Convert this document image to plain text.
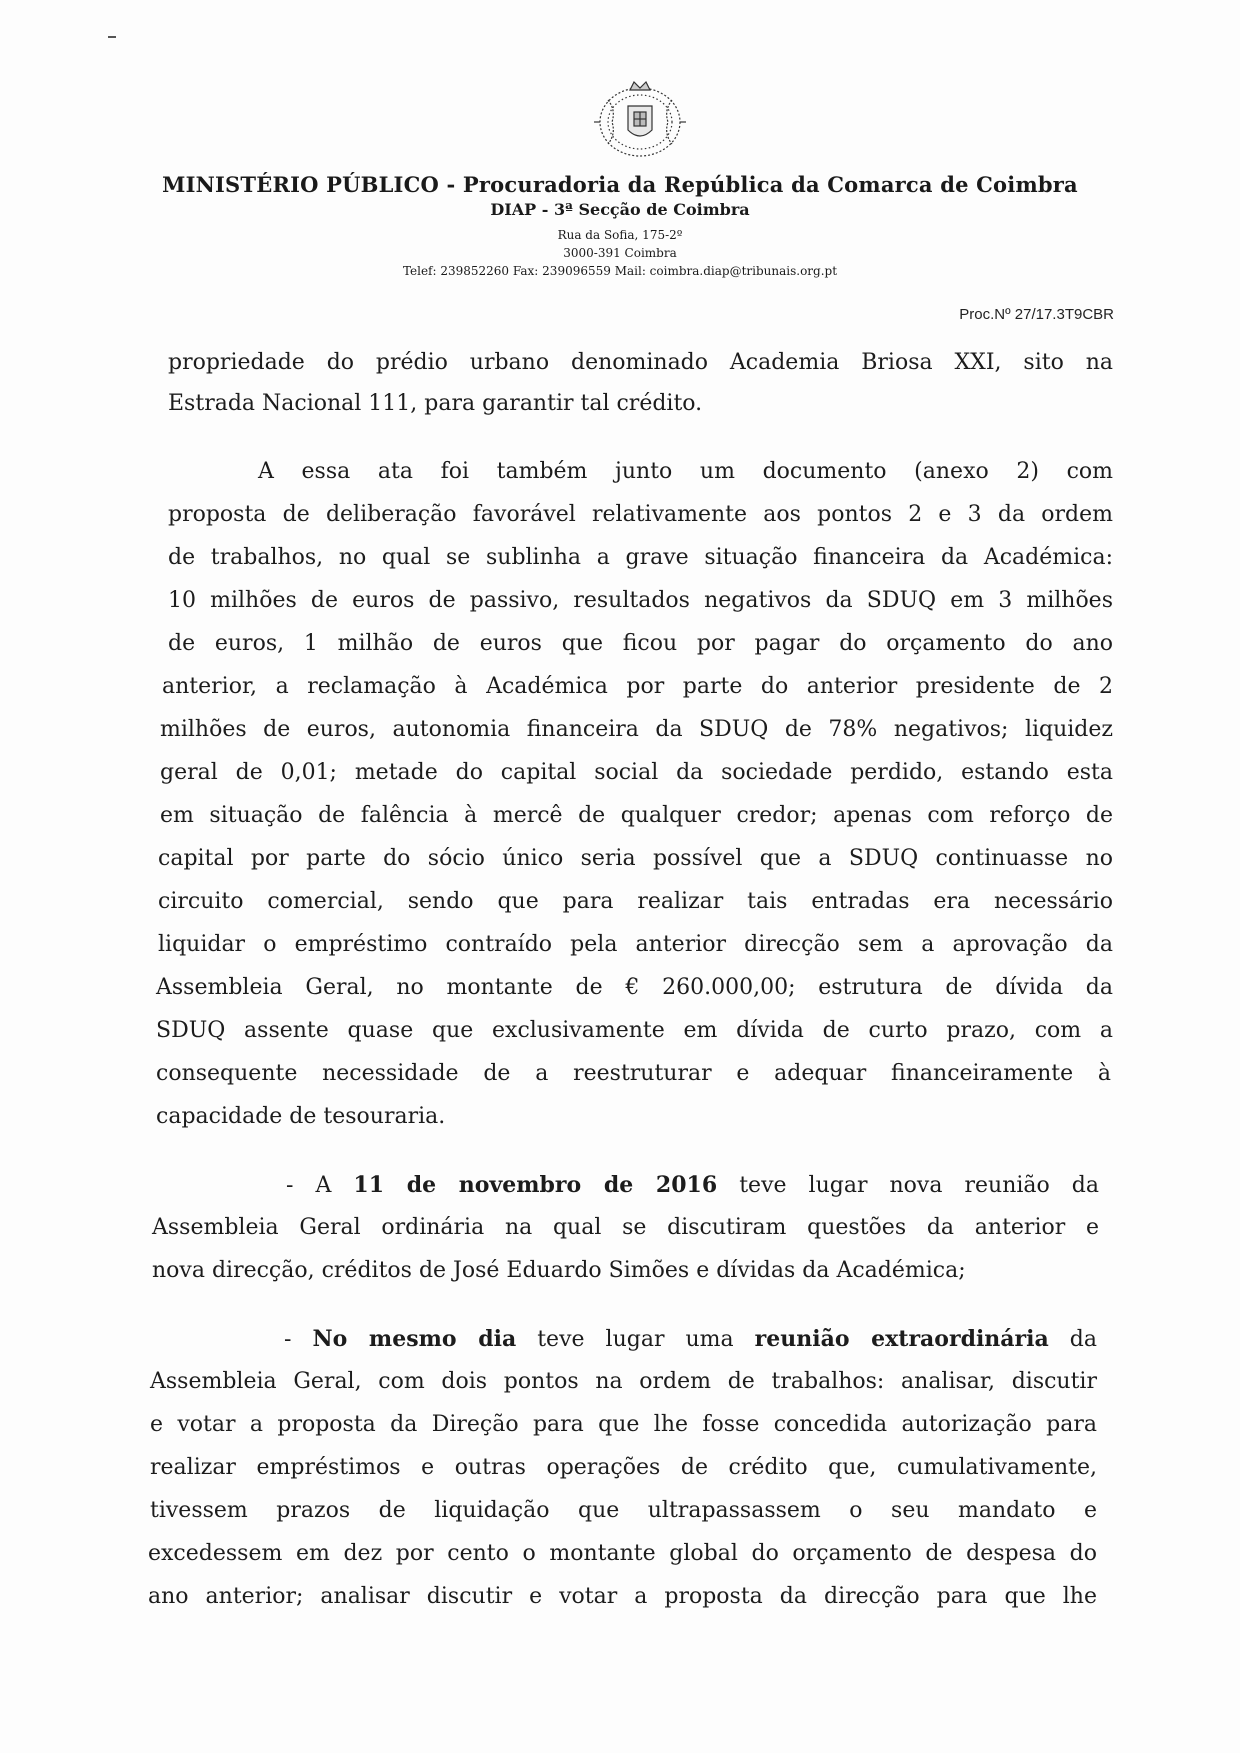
MINISTÉRIO PÚBLICO - Procuradoria da República da Comarca de Coimbra
DIAP - 3ª Secção de Coimbra
Rua da Sofia, 175-2º
3000-391 Coimbra
Telef: 239852260 Fax: 239096559 Mail: coimbra.diap@tribunais.org.pt
Proc.Nº 27/17.3T9CBR
propriedade do prédio urbano denominado Academia Briosa XXI, sito na
Estrada Nacional 111, para garantir tal crédito.
A essa ata foi também junto um documento (anexo 2) com
proposta de deliberação favorável relativamente aos pontos 2 e 3 da ordem
de trabalhos, no qual se sublinha a grave situação financeira da Académica:
10 milhões de euros de passivo, resultados negativos da SDUQ em 3 milhões
de euros, 1 milhão de euros que ficou por pagar do orçamento do ano
anterior, a reclamação à Académica por parte do anterior presidente de 2
milhões de euros, autonomia financeira da SDUQ de 78% negativos; liquidez
geral de 0,01; metade do capital social da sociedade perdido, estando esta
em situação de falência à mercê de qualquer credor; apenas com reforço de
capital por parte do sócio único seria possível que a SDUQ continuasse no
circuito comercial, sendo que para realizar tais entradas era necessário
liquidar o empréstimo contraído pela anterior direcção sem a aprovação da
Assembleia Geral, no montante de € 260.000,00; estrutura de dívida da
SDUQ assente quase que exclusivamente em dívida de curto prazo, com a
consequente necessidade de a reestruturar e adequar financeiramente à
capacidade de tesouraria.
- A 11 de novembro de 2016 teve lugar nova reunião da
Assembleia Geral ordinária na qual se discutiram questões da anterior e
nova direcção, créditos de José Eduardo Simões e dívidas da Académica;
- No mesmo dia teve lugar uma reunião extraordinária da
Assembleia Geral, com dois pontos na ordem de trabalhos: analisar, discutir
e votar a proposta da Direção para que lhe fosse concedida autorização para
realizar empréstimos e outras operações de crédito que, cumulativamente,
tivessem prazos de liquidação que ultrapassassem o seu mandato e
excedessem em dez por cento o montante global do orçamento de despesa do
ano anterior; analisar discutir e votar a proposta da direcção para que lhe
